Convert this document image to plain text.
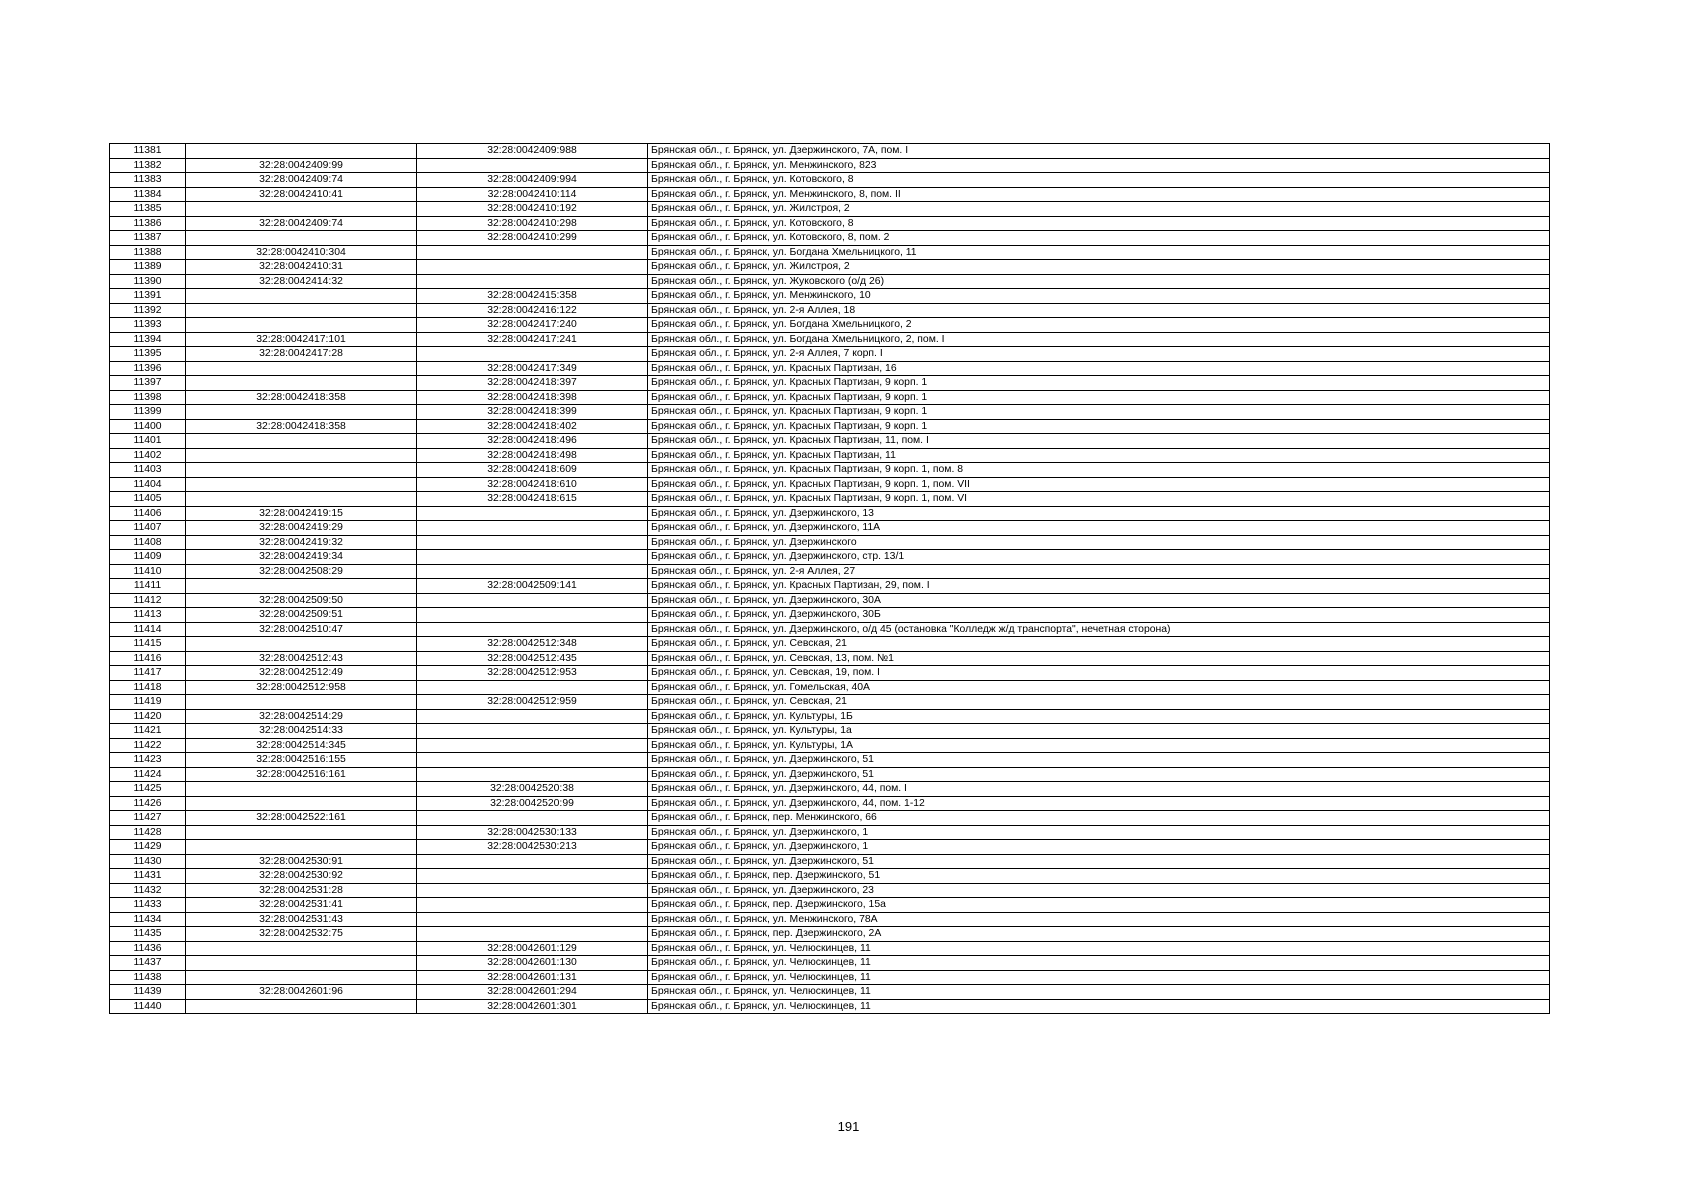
11381		32:28:0042409:988	Брянская обл., г. Брянск, ул. Дзержинского, 7А, пом. I
11382	32:28:0042409:99		Брянская обл., г. Брянск, ул. Менжинского, 823
11383	32:28:0042409:74	32:28:0042409:994	Брянская обл., г. Брянск, ул. Котовского, 8
11384	32:28:0042410:41	32:28:0042410:114	Брянская обл., г. Брянск, ул. Менжинского, 8, пом. II
11385		32:28:0042410:192	Брянская обл., г. Брянск, ул. Жилстроя, 2
11386	32:28:0042409:74	32:28:0042410:298	Брянская обл., г. Брянск, ул. Котовского, 8
11387		32:28:0042410:299	Брянская обл., г. Брянск, ул. Котовского, 8, пом. 2
11388	32:28:0042410:304		Брянская обл., г. Брянск, ул. Богдана Хмельницкого, 11
11389	32:28:0042410:31		Брянская обл., г. Брянск, ул. Жилстроя, 2
11390	32:28:0042414:32		Брянская обл., г. Брянск, ул. Жуковского (о/д 26)
11391		32:28:0042415:358	Брянская обл., г. Брянск, ул. Менжинского, 10
11392		32:28:0042416:122	Брянская обл., г. Брянск, ул. 2-я Аллея, 18
11393		32:28:0042417:240	Брянская обл., г. Брянск, ул. Богдана Хмельницкого, 2
11394	32:28:0042417:101	32:28:0042417:241	Брянская обл., г. Брянск, ул. Богдана Хмельницкого, 2, пом. I
11395	32:28:0042417:28		Брянская обл., г. Брянск, ул. 2-я Аллея, 7 корп. I
11396		32:28:0042417:349	Брянская обл., г. Брянск, ул. Красных Партизан, 16
11397		32:28:0042418:397	Брянская обл., г. Брянск, ул. Красных Партизан, 9 корп. 1
11398	32:28:0042418:358	32:28:0042418:398	Брянская обл., г. Брянск, ул. Красных Партизан, 9 корп. 1
11399		32:28:0042418:399	Брянская обл., г. Брянск, ул. Красных Партизан, 9 корп. 1
11400	32:28:0042418:358	32:28:0042418:402	Брянская обл., г. Брянск, ул. Красных Партизан, 9 корп. 1
11401		32:28:0042418:496	Брянская обл., г. Брянск, ул. Красных Партизан, 11, пом. I
11402		32:28:0042418:498	Брянская обл., г. Брянск, ул. Красных Партизан, 11
11403		32:28:0042418:609	Брянская обл., г. Брянск, ул. Красных Партизан, 9 корп. 1, пом. 8
11404		32:28:0042418:610	Брянская обл., г. Брянск, ул. Красных Партизан, 9 корп. 1, пом. VII
11405		32:28:0042418:615	Брянская обл., г. Брянск, ул. Красных Партизан, 9 корп. 1, пом. VI
11406	32:28:0042419:15		Брянская обл., г. Брянск, ул. Дзержинского, 13
11407	32:28:0042419:29		Брянская обл., г. Брянск, ул. Дзержинского, 11А
11408	32:28:0042419:32		Брянская обл., г. Брянск, ул. Дзержинского
11409	32:28:0042419:34		Брянская обл., г. Брянск, ул. Дзержинского, стр. 13/1
11410	32:28:0042508:29		Брянская обл., г. Брянск, ул. 2-я Аллея, 27
11411		32:28:0042509:141	Брянская обл., г. Брянск, ул. Красных Партизан, 29, пом. I
11412	32:28:0042509:50		Брянская обл., г. Брянск, ул. Дзержинского, 30А
11413	32:28:0042509:51		Брянская обл., г. Брянск, ул. Дзержинского, 30Б
11414	32:28:0042510:47		Брянская обл., г. Брянск, ул. Дзержинского, о/д 45 (остановка "Колледж ж/д транспорта", нечетная сторона)
11415		32:28:0042512:348	Брянская обл., г. Брянск, ул. Севская, 21
11416	32:28:0042512:43	32:28:0042512:435	Брянская обл., г. Брянск, ул. Севская, 13, пом. №1
11417	32:28:0042512:49	32:28:0042512:953	Брянская обл., г. Брянск, ул. Севская, 19, пом. I
11418	32:28:0042512:958		Брянская обл., г. Брянск, ул. Гомельская, 40А
11419		32:28:0042512:959	Брянская обл., г. Брянск, ул. Севская, 21
11420	32:28:0042514:29		Брянская обл., г. Брянск, ул. Культуры, 1Б
11421	32:28:0042514:33		Брянская обл., г. Брянск, ул. Культуры, 1а
11422	32:28:0042514:345		Брянская обл., г. Брянск, ул. Культуры, 1А
11423	32:28:0042516:155		Брянская обл., г. Брянск, ул. Дзержинского, 51
11424	32:28:0042516:161		Брянская обл., г. Брянск, ул. Дзержинского, 51
11425		32:28:0042520:38	Брянская обл., г. Брянск, ул. Дзержинского, 44, пом. I
11426		32:28:0042520:99	Брянская обл., г. Брянск, ул. Дзержинского, 44, пом. 1-12
11427	32:28:0042522:161		Брянская обл., г. Брянск, пер. Менжинского, 66
11428		32:28:0042530:133	Брянская обл., г. Брянск, ул. Дзержинского, 1
11429		32:28:0042530:213	Брянская обл., г. Брянск, ул. Дзержинского, 1
11430	32:28:0042530:91		Брянская обл., г. Брянск, ул. Дзержинского, 51
11431	32:28:0042530:92		Брянская обл., г. Брянск, пер. Дзержинского, 51
11432	32:28:0042531:28		Брянская обл., г. Брянск, ул. Дзержинского, 23
11433	32:28:0042531:41		Брянская обл., г. Брянск, пер. Дзержинского, 15а
11434	32:28:0042531:43		Брянская обл., г. Брянск, ул. Менжинского, 78А
11435	32:28:0042532:75		Брянская обл., г. Брянск, пер. Дзержинского, 2А
11436		32:28:0042601:129	Брянская обл., г. Брянск, ул. Челюскинцев, 11
11437		32:28:0042601:130	Брянская обл., г. Брянск, ул. Челюскинцев, 11
11438		32:28:0042601:131	Брянская обл., г. Брянск, ул. Челюскинцев, 11
11439	32:28:0042601:96	32:28:0042601:294	Брянская обл., г. Брянск, ул. Челюскинцев, 11
11440		32:28:0042601:301	Брянская обл., г. Брянск, ул. Челюскинцев, 11
191
